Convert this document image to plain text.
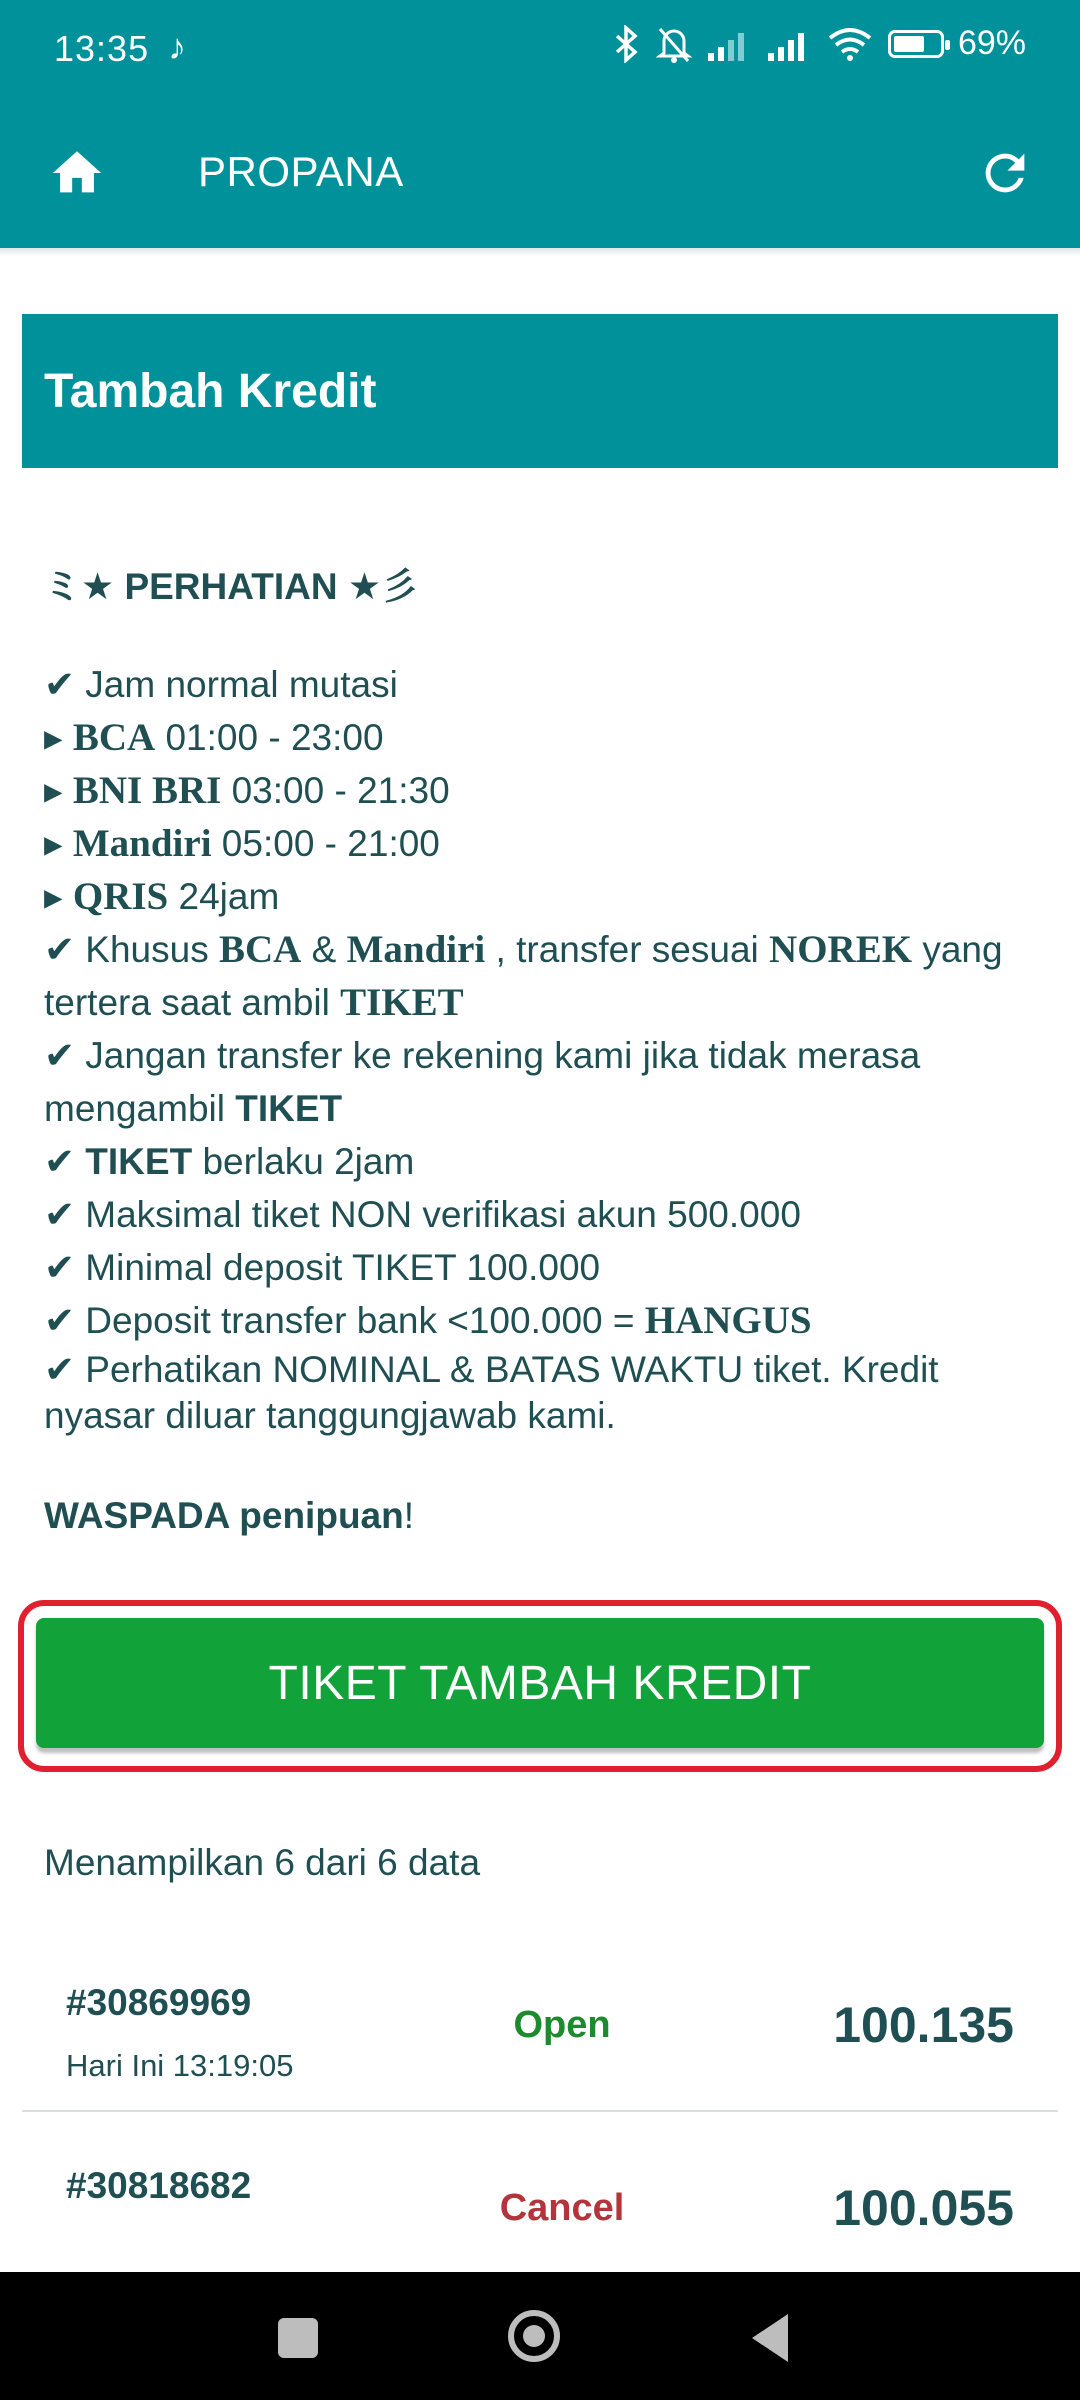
13:35 ♪	69%
PROPANA
Tambah Kredit

ミ★ PERHATIAN ★彡

✔ Jam normal mutasi

▸ BCA 01:00 - 23:00

▸ BNI BRI 03:00 - 21:30

▸ Mandiri 05:00 - 21:00

▸ QRIS 24jam

✔ Khusus BCA & Mandiri , transfer sesuai NOREK yang tertera saat ambil TIKET

✔ Jangan transfer ke rekening kami jika tidak merasa mengambil TIKET

✔ TIKET berlaku 2jam

✔ Maksimal tiket NON verifikasi akun 500.000

✔ Minimal deposit TIKET 100.000

✔ Deposit transfer bank <100.000 = HANGUS

✔ Perhatikan NOMINAL & BATAS WAKTU tiket. Kredit nyasar diluar tanggungjawab kami.

WASPADA penipuan!

TIKET TAMBAH KREDIT
Menampilkan 6 dari 6 data
#30869969
Hari Ini 13:19:05
Open	100.135
#30818682
Cancel	100.055
